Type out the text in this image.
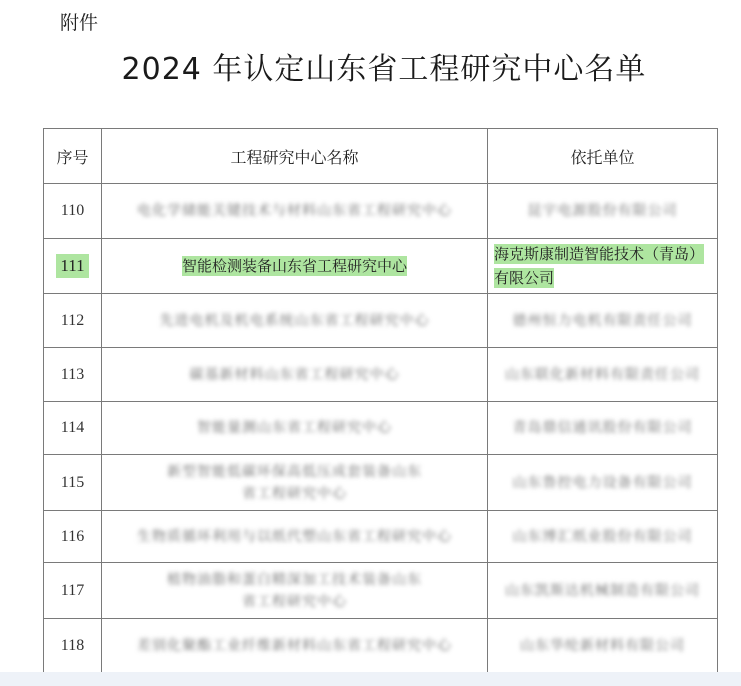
附件
2024 年认定山东省工程研究中心名单
序号	工程研究中心名称	依托单位
110	电化学储能关键技术与材料山东省工程研究中心	昆宇电源股份有限公司
111	智能检测装备山东省工程研究中心	海克斯康制造智能技术（青岛）有限公司
112	先进电机及机电系统山东省工程研究中心	德州恒力电机有限责任公司
113	碳基新材料山东省工程研究中心	山东联化新材料有限责任公司
114	智能量测山东省工程研究中心	青岛鼎信通讯股份有限公司
115	新型智能低碳环保高低压成套装备山东省工程研究中心	山东鲁控电力设备有限公司
116	生物质循环利用与以纸代塑山东省工程研究中心	山东博汇纸业股份有限公司
117	植物油脂和蛋白精深加工技术装备山东省工程研究中心	山东凯斯达机械制造有限公司
118	差别化聚酯工业纤维新材料山东省工程研究中心	山东华纶新材料有限公司
